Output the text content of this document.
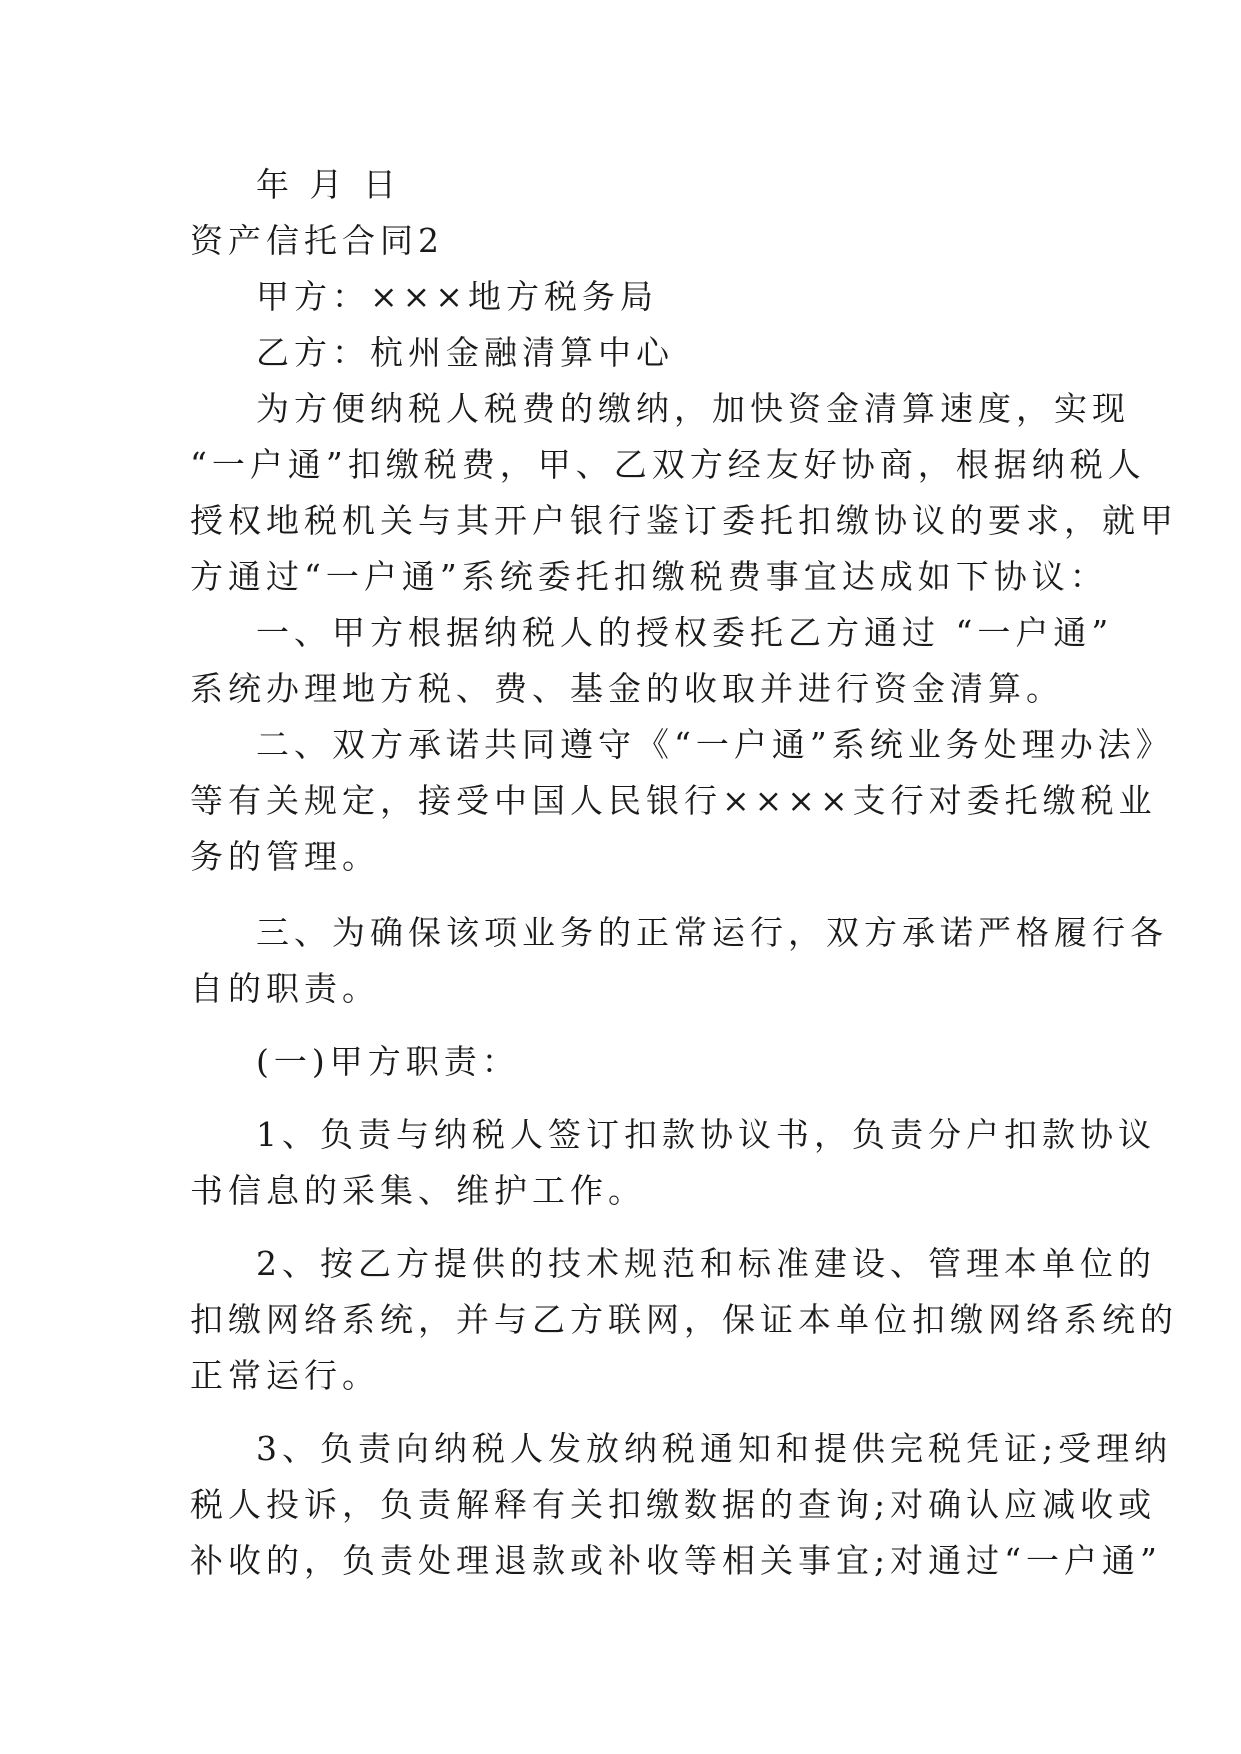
年 月 日
资产信托合同2
甲方：×××地方税务局
乙方：杭州金融清算中心
为方便纳税人税费的缴纳，加快资金清算速度，实现
“一户通”扣缴税费，甲、乙双方经友好协商，根据纳税人
授权地税机关与其开户银行鉴订委托扣缴协议的要求，就甲
方通过“一户通”系统委托扣缴税费事宜达成如下协议：
一、甲方根据纳税人的授权委托乙方通过 “一户通”
系统办理地方税、费、基金的收取并进行资金清算。
二、双方承诺共同遵守《“一户通”系统业务处理办法》
等有关规定，接受中国人民银行××××支行对委托缴税业
务的管理。
三、为确保该项业务的正常运行，双方承诺严格履行各
自的职责。
(一)甲方职责：
1、负责与纳税人签订扣款协议书，负责分户扣款协议
书信息的采集、维护工作。
2、按乙方提供的技术规范和标准建设、管理本单位的
扣缴网络系统，并与乙方联网，保证本单位扣缴网络系统的
正常运行。
3、负责向纳税人发放纳税通知和提供完税凭证;受理纳
税人投诉，负责解释有关扣缴数据的查询;对确认应减收或
补收的，负责处理退款或补收等相关事宜;对通过“一户通”
